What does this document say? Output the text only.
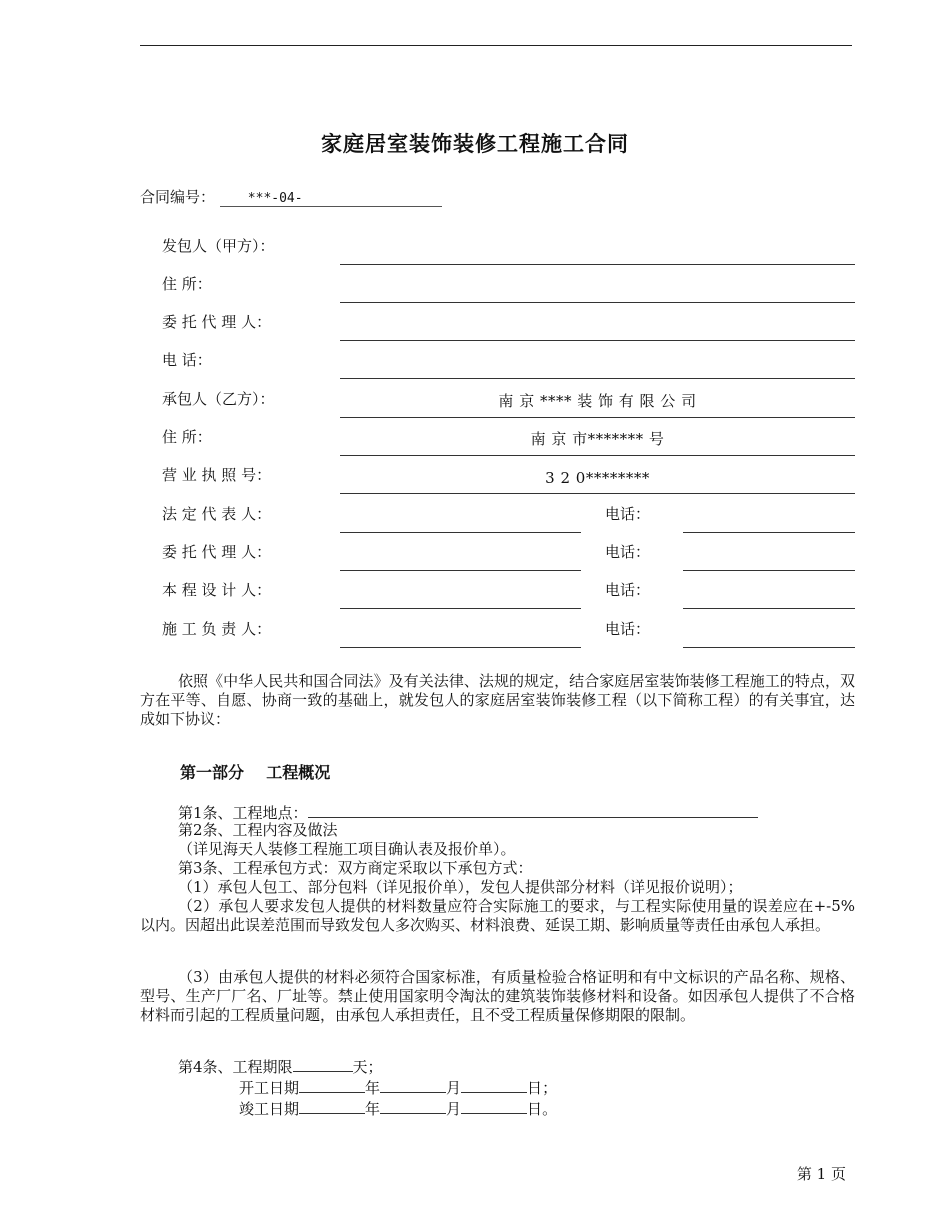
家庭居室装饰装修工程施工合同
合同编号：	***-04-
发包人（甲方）：
住 所：
委 托 代 理 人：
电 话：
承包人（乙方）：	南 京 **** 装 饰 有 限 公 司
住 所：	南 京 市******* 号
营 业 执 照 号：	3 2 0********
法 定 代 表 人：	电话：
委 托 代 理 人：	电话：
本 程 设 计 人：	电话：
施 工 负 责 人：	电话：
依照《中华人民共和国合同法》及有关法律、法规的规定，结合家庭居室装饰装修工程施工的特点，双方在平等、自愿、协商一致的基础上，就发包人的家庭居室装饰装修工程（以下简称工程）的有关事宜，达成如下协议：
第一部分    工程概况
第1条、工程地点：
第2条、工程内容及做法
（详见海天人装修工程施工项目确认表及报价单）。
第3条、工程承包方式：双方商定采取以下承包方式：
（1）承包人包工、部分包料（详见报价单），发包人提供部分材料（详见报价说明）；
（2）承包人要求发包人提供的材料数量应符合实际施工的要求，与工程实际使用量的误差应在+-5%以内。因超出此误差范围而导致发包人多次购买、材料浪费、延误工期、影响质量等责任由承包人承担。
（3）由承包人提供的材料必须符合国家标准，有质量检验合格证明和有中文标识的产品名称、规格、型号、生产厂厂名、厂址等。禁止使用国家明令淘汰的建筑装饰装修材料和设备。如因承包人提供了不合格材料而引起的工程质量问题，由承包人承担责任，且不受工程质量保修期限的限制。
第4条、工程期限	天；
开工日期	年	月	日；
竣工日期	年	月	日。
第 1 页
